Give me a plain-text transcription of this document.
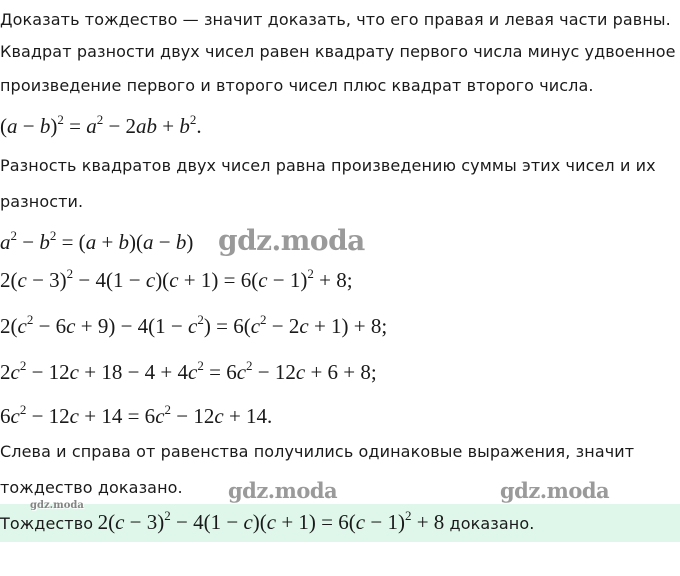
Доказать тождество — значит доказать, что его правая и левая части равны.
Квадрат разности двух чисел равен квадрату первого числа минус удвоенное
произведение первого и второго чисел плюс квадрат второго числа.
$(a - b)^2 = a^2 - 2ab + b^2$.
Разность квадратов двух чисел равна произведению суммы этих чисел и их
разности.
$a^2 - b^2 = (a + b)(a - b)$
$2(c - 3)^2 - 4(1 - c)(c + 1) = 6(c - 1)^2 + 8$;
$2(c^2 - 6c + 9) - 4(1 - c^2) = 6(c^2 - 2c + 1) + 8$;
$2c^2 - 12c + 18 - 4 + 4c^2 = 6c^2 - 12c + 6 + 8$;
$6c^2 - 12c + 14 = 6c^2 - 12c + 14$.
Слева и справа от равенства получились одинаковые выражения, значит
тождество доказано.
Тождество $2(c - 3)^2 - 4(1 - c)(c + 1) = 6(c - 1)^2 + 8$ доказано.
gdz.moda
gdz.moda	gdz.moda
gdz.moda
